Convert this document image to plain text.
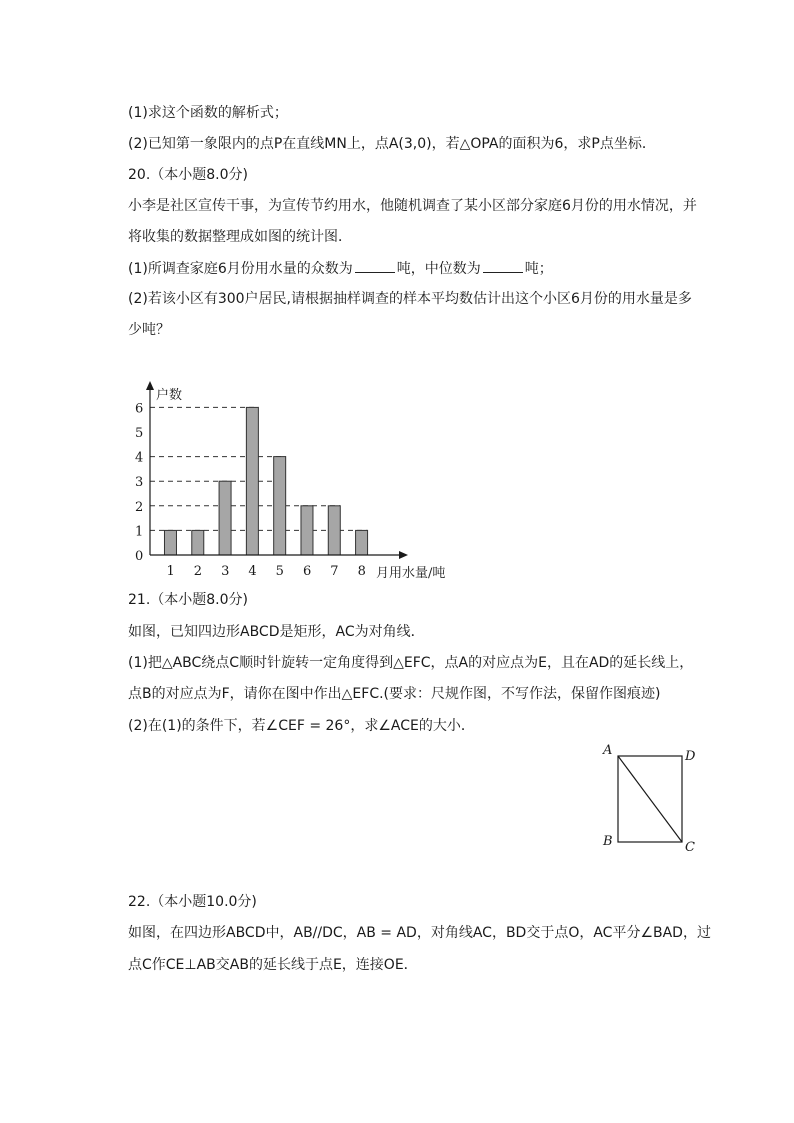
(1)求这个函数的解析式；
(2)已知第一象限内的点P在直线MN上，点A(3,0)，若△OPA的面积为6，求P点坐标．
20.（本小题8.0分)
小李是社区宣传干事，为宣传节约用水，他随机调查了某小区部分家庭6月份的用水情况，并
将收集的数据整理成如图的统计图．
(1)所调查家庭6月份用水量的众数为	吨，中位数为	吨；
(2)若该小区有300户居民,请根据抽样调查的样本平均数估计出这个小区6月份的用水量是多
少吨？
0
1
2
3
4
5
6
1 2 3 4 5 6 7 8
户数
月用水量/吨
21.（本小题8.0分)
如图，已知四边形ABCD是矩形，AC为对角线．
(1)把△ABC绕点C顺时针旋转一定角度得到△EFC，点A的对应点为E，且在AD的延长线上，
点B的对应点为F，请你在图中作出△EFC.(要求：尺规作图，不写作法，保留作图痕迹)
(2)在(1)的条件下，若∠CEF = 26°，求∠ACE的大小．
A	D
B	C
22.（本小题10.0分)
如图，在四边形ABCD中，AB//DC，AB = AD，对角线AC，BD交于点O，AC平分∠BAD，过
点C作CE⊥AB交AB的延长线于点E，连接OE．
